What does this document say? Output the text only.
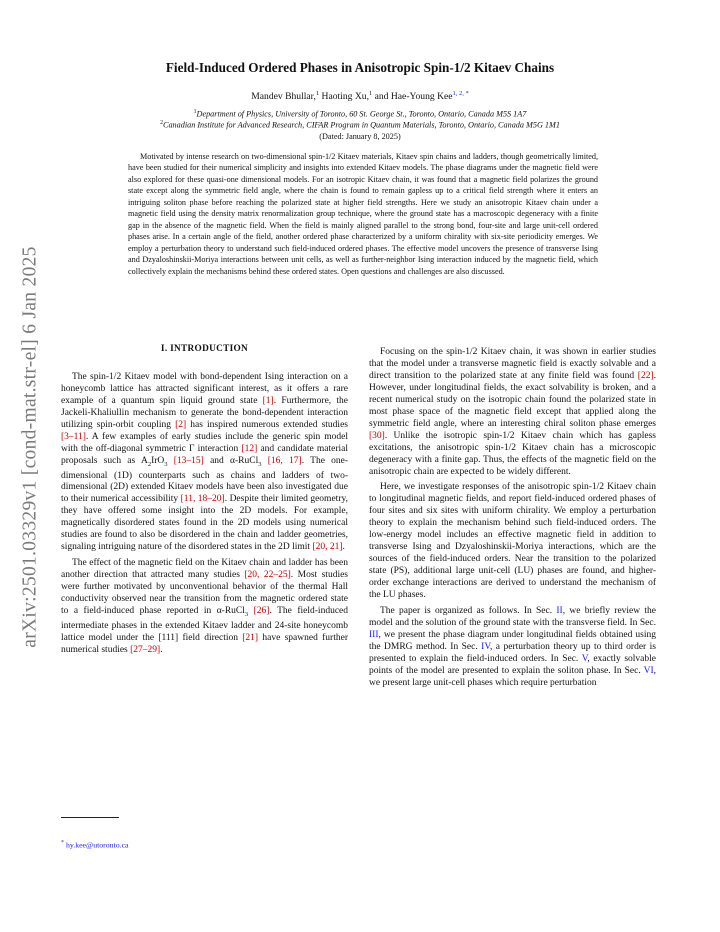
arXiv:2501.03329v1 [cond-mat.str-el] 6 Jan 2025
Field-Induced Ordered Phases in Anisotropic Spin-1/2 Kitaev Chains
Mandev Bhullar,$^1$ Haoting Xu,$^1$ and Hae-Young Kee$^{1, 2, *}$
$^1$Department of Physics, University of Toronto, 60 St. George St., Toronto, Ontario, Canada M5S 1A7
$^2$Canadian Institute for Advanced Research, CIFAR Program in Quantum Materials, Toronto, Ontario, Canada M5G 1M1
(Dated: January 8, 2025)

Motivated by intense research on two-dimensional spin-1/2 Kitaev materials, Kitaev spin chains and ladders, though geometrically limited, have been studied for their numerical simplicity and insights into extended Kitaev models. The phase diagrams under the magnetic field were also explored for these quasi-one dimensional models. For an isotropic Kitaev chain, it was found that a magnetic field polarizes the ground state except along the symmetric field angle, where the chain is found to remain gapless up to a critical field strength where it enters an intriguing soliton phase before reaching the polarized state at higher field strengths. Here we study an anisotropic Kitaev chain under a magnetic field using the density matrix renormalization group technique, where the ground state has a macroscopic degeneracy with a finite gap in the absence of the magnetic field. When the field is mainly aligned parallel to the strong bond, four-site and large unit-cell ordered phases arise. In a certain angle of the field, another ordered phase characterized by a uniform chirality with six-site periodicity emerges. We employ a perturbation theory to understand such field-induced ordered phases. The effective model uncovers the presence of transverse Ising and Dzyaloshinskii-Moriya interactions between unit cells, as well as further-neighbor Ising interaction induced by the magnetic field, which collectively explain the mechanisms behind these ordered states. Open questions and challenges are also discussed.

I. INTRODUCTION

The spin-1/2 Kitaev model with bond-dependent Ising interaction on a honeycomb lattice has attracted significant interest, as it offers a rare example of a quantum spin liquid ground state [1]. Furthermore, the Jackeli-Khaliullin mechanism to generate the bond-dependent interaction utilizing spin-orbit coupling [2] has inspired numerous extended studies [3–11]. A few examples of early studies include the generic spin model with the off-diagonal symmetric Γ interaction [12] and candidate material proposals such as $A_2IrO_3$ [13–15] and α-RuCl$_3$ [16, 17]. The one-dimensional (1D) counterparts such as chains and ladders of two-dimensional (2D) extended Kitaev models have been also investigated due to their numerical accessibility [11, 18–20]. Despite their limited geometry, they have offered some insight into the 2D models. For example, magnetically disordered states found in the 2D models using numerical studies are found to also be disordered in the chain and ladder geometries, signaling intriguing nature of the disordered states in the 2D limit [20, 21].

The effect of the magnetic field on the Kitaev chain and ladder has been another direction that attracted many studies [20, 22–25]. Most studies were further motivated by unconventional behavior of the thermal Hall conductivity observed near the transition from the magnetic ordered state to a field-induced phase reported in α-RuCl$_3$ [26]. The field-induced intermediate phases in the extended Kitaev ladder and 24-site honeycomb lattice model under the [111] field direction [21] have spawned further numerical studies [27–29].

Focusing on the spin-1/2 Kitaev chain, it was shown in earlier studies that the model under a transverse magnetic field is exactly solvable and a direct transition to the polarized state at any finite field was found [22]. However, under longitudinal fields, the exact solvability is broken, and a recent numerical study on the isotropic chain found the polarized state in most phase space of the magnetic field except that applied along the symmetric field angle, where an interesting chiral soliton phase emerges [30]. Unlike the isotropic spin-1/2 Kitaev chain which has gapless excitations, the anisotropic spin-1/2 Kitaev chain has a microscopic degeneracy with a finite gap. Thus, the effects of the magnetic field on the anisotropic chain are expected to be widely different.

Here, we investigate responses of the anisotropic spin-1/2 Kitaev chain to longitudinal magnetic fields, and report field-induced ordered phases of four sites and six sites with uniform chirality. We employ a perturbation theory to explain the mechanism behind such field-induced orders. The low-energy model includes an effective magnetic field in addition to transverse Ising and Dzyaloshinskii-Moriya interactions, which are the sources of the field-induced orders. Near the transition to the polarized state (PS), additional large unit-cell (LU) phases are found, and higher-order exchange interactions are derived to understand the mechanism of the LU phases.

The paper is organized as follows. In Sec. II, we briefly review the model and the solution of the ground state with the transverse field. In Sec. III, we present the phase diagram under longitudinal fields obtained using the DMRG method. In Sec. IV, a perturbation theory up to third order is presented to explain the field-induced orders. In Sec. V, exactly solvable points of the model are presented to explain the soliton phase. In Sec. VI, we present large unit-cell phases which require perturbation

* hy.kee@utoronto.ca
